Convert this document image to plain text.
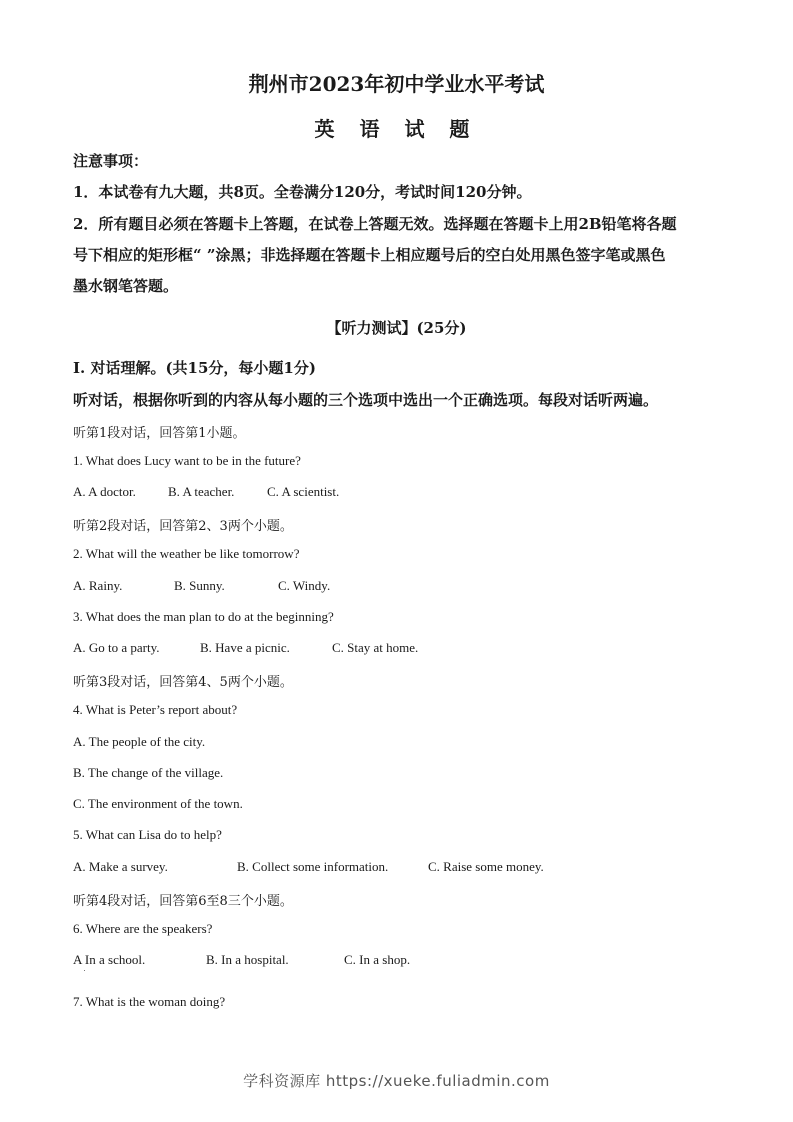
荆州市2023年初中学业水平考试
英 语 试 题
注意事项：
1．本试卷有九大题，共8页。全卷满分120分，考试时间120分钟。
2．所有题目必须在答题卡上答题，在试卷上答题无效。选择题在答题卡上用2B铅笔将各题
号下相应的矩形框“ ”涂黑；非选择题在答题卡上相应题号后的空白处用黑色签字笔或黑色
墨水钢笔答题。
【听力测试】(25分)
Ⅰ. 对话理解。(共15分，每小题1分)
听对话，根据你听到的内容从每小题的三个选项中选出一个正确选项。每段对话听两遍。
听第1段对话，回答第1小题。
1. What does Lucy want to be in the future?
A. A doctor. B. A teacher.	C. A scientist.
听第2段对话，回答第2、3两个小题。
2. What will the weather be like tomorrow?
A. Rainy.	B. Sunny.	C. Windy.
3. What does the man plan to do at the beginning?
A. Go to a party.	B. Have a picnic.	C. Stay at home.
听第3段对话，回答第4、5两个小题。
4. What is Peter’s report about?
A. The people of the city.
B. The change of the village.
C. The environment of the town.
5. What can Lisa do to help?
A. Make a survey.	B. Collect some information.	C. Raise some money.
听第4段对话，回答第6至8三个小题。
6. Where are the speakers?
A In a school.	B. In a hospital.	C. In a shop.
7. What is the woman doing?
学科资源库 https://xueke.fuliadmin.com
